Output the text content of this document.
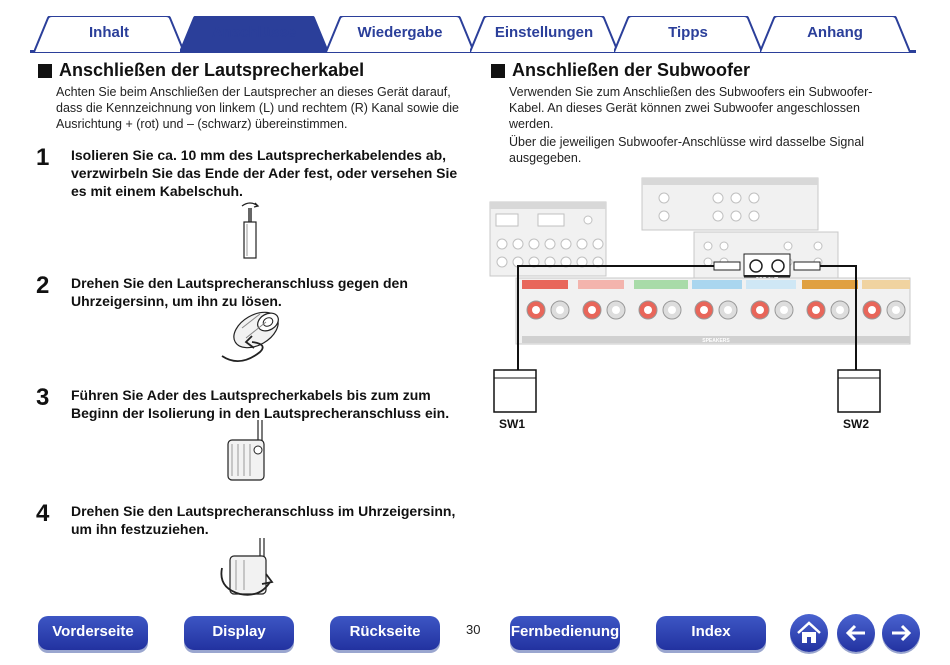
Inhalt	Anschlüsse	Wiedergabe	Einstellungen	Tipps	Anhang
Anschließen der Lautsprecherkabel
Achten Sie beim Anschließen der Lautsprecher an dieses Gerät darauf, dass die Kennzeichnung von linkem (L) und rechtem (R) Kanal sowie die Ausrichtung + (rot) und – (schwarz) übereinstimmen.
1 Isolieren Sie ca. 10 mm des Lautsprecherkabelendes ab, verzwirbeln Sie das Ende der Ader fest, oder versehen Sie es mit einem Kabelschuh.
2 Drehen Sie den Lautsprecheranschluss gegen den Uhrzeigersinn, um ihn zu lösen.
3 Führen Sie Ader des Lautsprecherkabels bis zum zum Beginn der Isolierung in den Lautsprecheranschluss ein.
4 Drehen Sie den Lautsprecheranschluss im Uhrzeigersinn, um ihn festzuziehen.
Anschließen der Subwoofer
Verwenden Sie zum Anschließen des Subwoofers ein Subwoofer-Kabel. An dieses Gerät können zwei Subwoofer angeschlossen werden.
Über die jeweiligen Subwoofer-Anschlüsse wird dasselbe Signal ausgegeben.
SPEAKERS
SW1	SW2
Vorderseite	Display	Rückseite	30 Fernbedienung	Index
